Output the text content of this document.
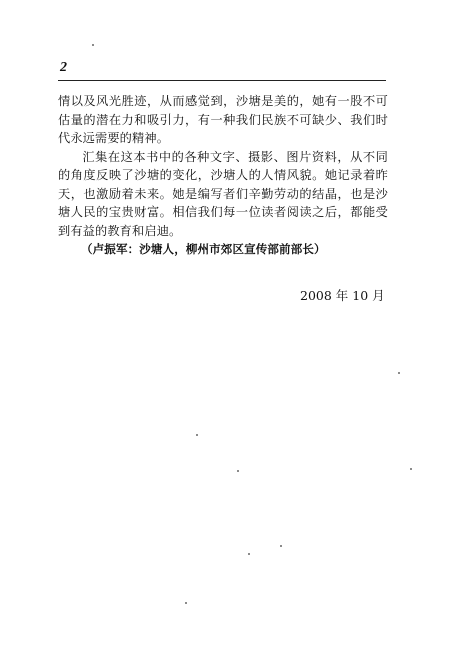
2

情以及风光胜迹，从而感觉到，沙塘是美的，她有一股不可估量的潜在力和吸引力，有一种我们民族不可缺少、我们时代永远需要的精神。

汇集在这本书中的各种文字、摄影、图片资料，从不同的角度反映了沙塘的变化，沙塘人的人情风貌。她记录着昨天，也激励着未来。她是编写者们辛勤劳动的结晶，也是沙塘人民的宝贵财富。相信我们每一位读者阅读之后，都能受到有益的教育和启迪。

（卢振军：沙塘人，柳州市郊区宣传部前部长）

2008 年 10 月
